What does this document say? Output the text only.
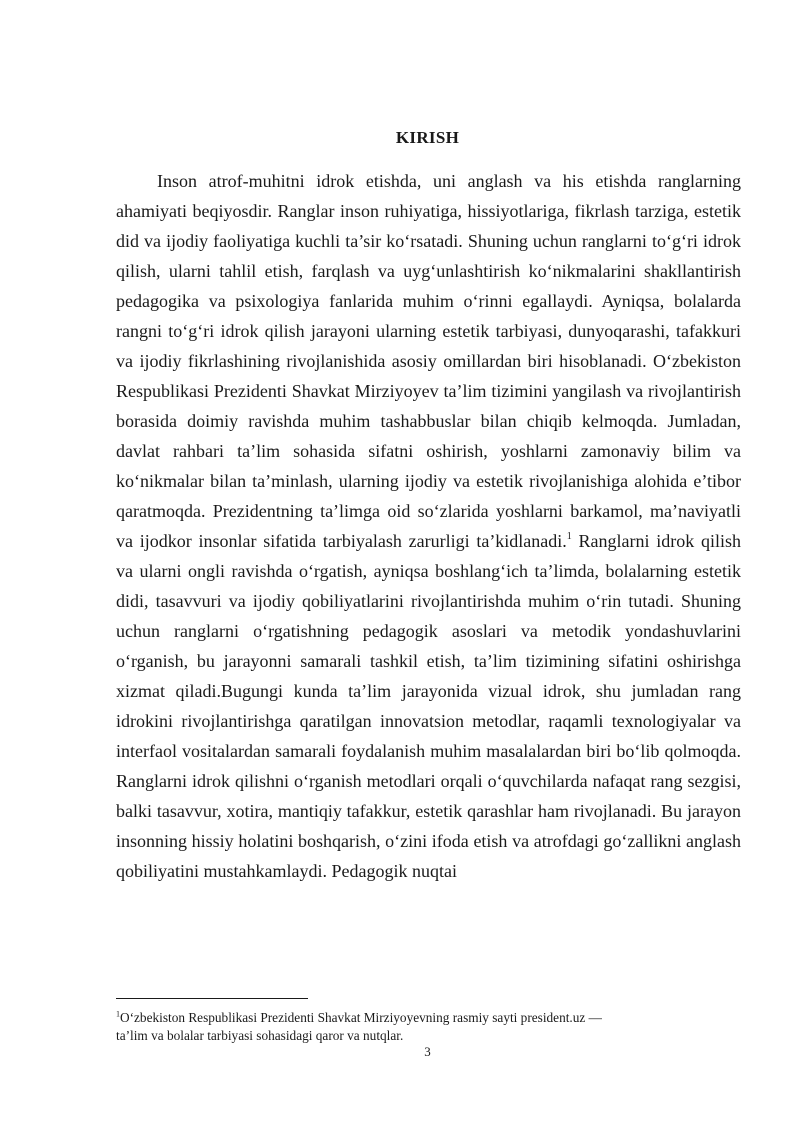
KIRISH

Inson atrof-muhitni idrok etishda, uni anglash va his etishda ranglarning ahamiyati beqiyosdir. Ranglar inson ruhiyatiga, hissiyotlariga, fikrlash tarziga, estetik did va ijodiy faoliyatiga kuchli ta’sir ko‘rsatadi. Shuning uchun ranglarni to‘g‘ri idrok qilish, ularni tahlil etish, farqlash va uyg‘unlashtirish ko‘nikmalarini shakllantirish pedagogika va psixologiya fanlarida muhim o‘rinni egallaydi. Ayniqsa, bolalarda rangni to‘g‘ri idrok qilish jarayoni ularning estetik tarbiyasi, dunyoqarashi, tafakkuri va ijodiy fikrlashining rivojlanishida asosiy omillardan biri hisoblanadi. O‘zbekiston Respublikasi Prezidenti Shavkat Mirziyoyev ta’lim tizimini yangilash va rivojlantirish borasida doimiy ravishda muhim tashabbuslar bilan chiqib kelmoqda. Jumladan, davlat rahbari ta’lim sohasida sifatni oshirish, yoshlarni zamonaviy bilim va ko‘nikmalar bilan ta’minlash, ularning ijodiy va estetik rivojlanishiga alohida e’tibor qaratmoqda. Prezidentning ta’limga oid so‘zlarida yoshlarni barkamol, ma’naviyatli va ijodkor insonlar sifatida tarbiyalash zarurligi ta’kidlanadi.$^1$ Ranglarni idrok qilish va ularni ongli ravishda o‘rgatish, ayniqsa boshlang‘ich ta’limda, bolalarning estetik didi, tasavvuri va ijodiy qobiliyatlarini rivojlantirishda muhim o‘rin tutadi. Shuning uchun ranglarni o‘rgatishning pedagogik asoslari va metodik yondashuvlarini o‘rganish, bu jarayonni samarali tashkil etish, ta’lim tizimining sifatini oshirishga xizmat qiladi.Bugungi kunda ta’lim jarayonida vizual idrok, shu jumladan rang idrokini rivojlantirishga qaratilgan innovatsion metodlar, raqamli texnologiyalar va interfaol vositalardan samarali foydalanish muhim masalalardan biri bo‘lib qolmoqda. Ranglarni idrok qilishni o‘rganish metodlari orqali o‘quvchilarda nafaqat rang sezgisi, balki tasavvur, xotira, mantiqiy tafakkur, estetik qarashlar ham rivojlanadi. Bu jarayon insonning hissiy holatini boshqarish, o‘zini ifoda etish va atrofdagi go‘zallikni anglash qobiliyatini mustahkamlaydi. Pedagogik nuqtai

$^1$O‘zbekiston Respublikasi Prezidenti Shavkat Mirziyoyevning rasmiy sayti president.uz —
ta’lim va bolalar tarbiyasi sohasidagi qaror va nutqlar.
3
